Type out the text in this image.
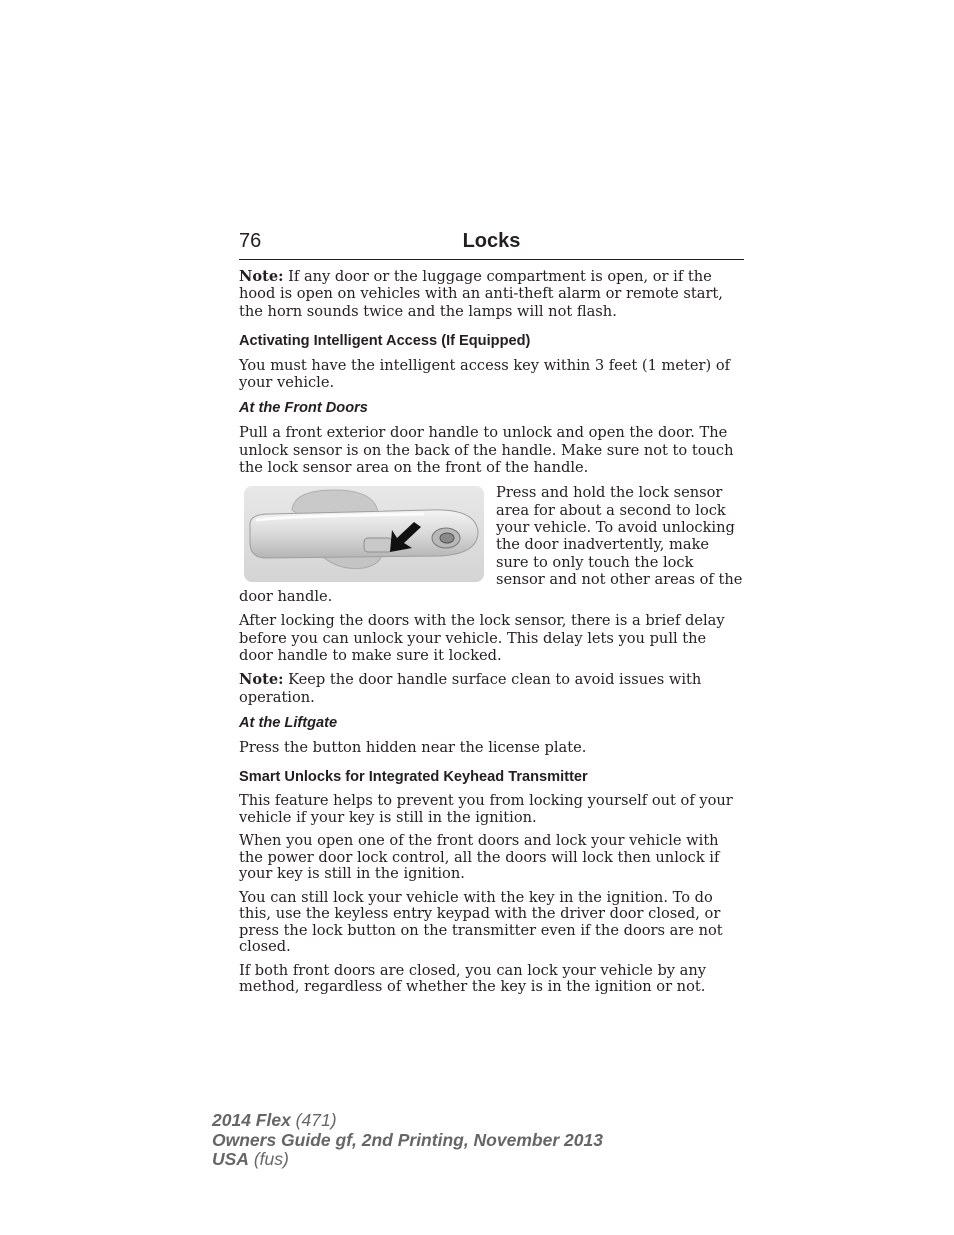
76	Locks

Note: If any door or the luggage compartment is open, or if the hood is open on vehicles with an anti-theft alarm or remote start, the horn sounds twice and the lamps will not flash.

Activating Intelligent Access (If Equipped)

You must have the intelligent access key within 3 feet (1 meter) of your vehicle.

At the Front Doors

Pull a front exterior door handle to unlock and open the door. The unlock sensor is on the back of the handle. Make sure not to touch the lock sensor area on the front of the handle.

Press and hold the lock sensor area for about a second to lock your vehicle. To avoid unlocking the door inadvertently, make sure to only touch the lock sensor and not other areas of the door handle.

After locking the doors with the lock sensor, there is a brief delay before you can unlock your vehicle. This delay lets you pull the door handle to make sure it locked.

Note: Keep the door handle surface clean to avoid issues with operation.

At the Liftgate

Press the button hidden near the license plate.

Smart Unlocks for Integrated Keyhead Transmitter

This feature helps to prevent you from locking yourself out of your vehicle if your key is still in the ignition.

When you open one of the front doors and lock your vehicle with the power door lock control, all the doors will lock then unlock if your key is still in the ignition.

You can still lock your vehicle with the key in the ignition. To do this, use the keyless entry keypad with the driver door closed, or press the lock button on the transmitter even if the doors are not closed.

If both front doors are closed, you can lock your vehicle by any method, regardless of whether the key is in the ignition or not.

2014 Flex (471)
Owners Guide gf, 2nd Printing, November 2013
USA (fus)
